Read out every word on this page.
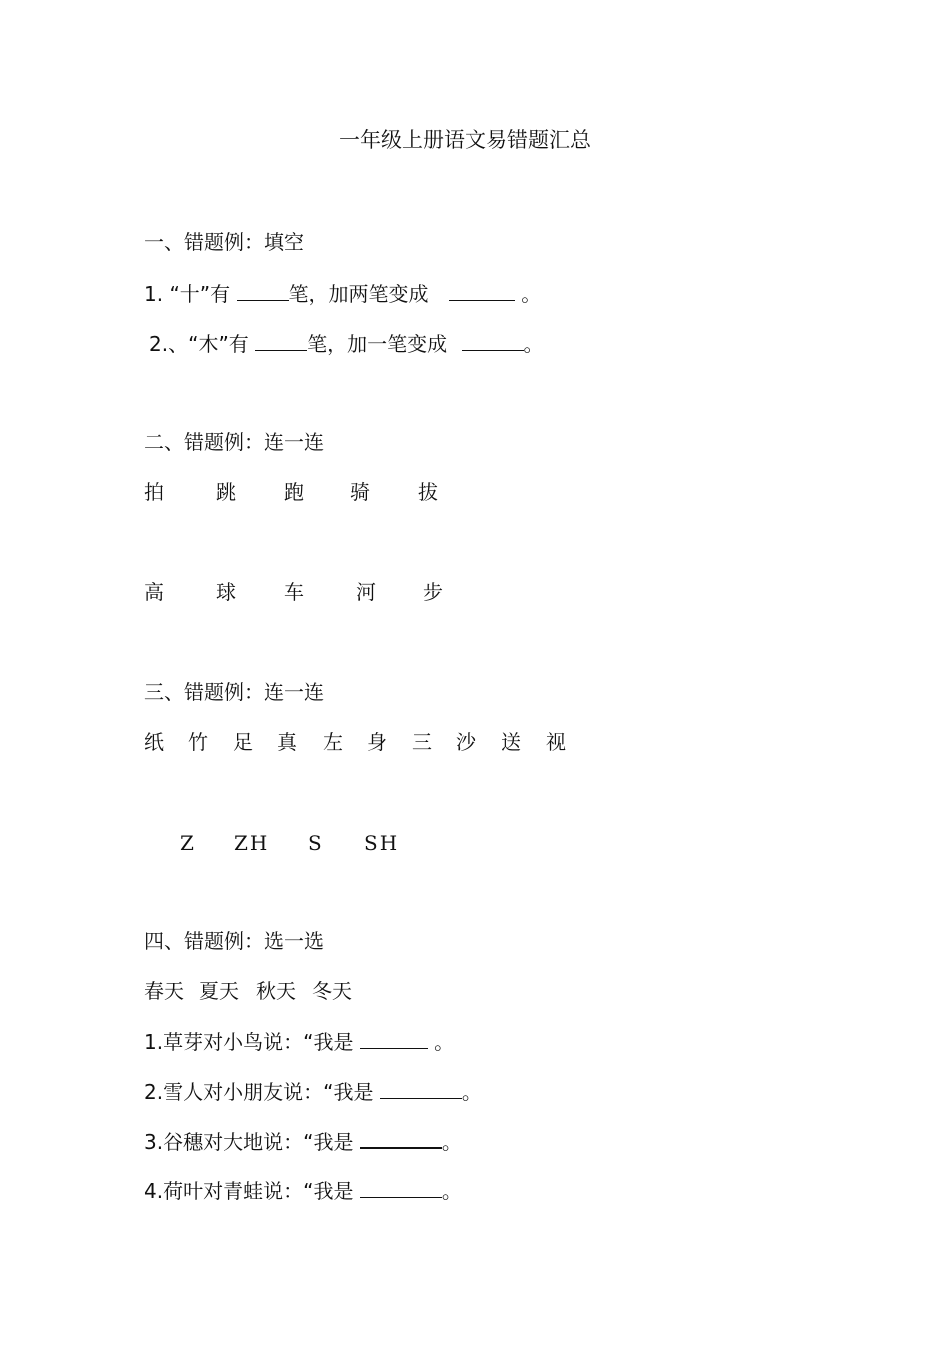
一年级上册语文易错题汇总
一、错题例：填空
1. “十”有	笔，加两笔变成	。
2.、“木”有	笔，加一笔变成	。
二、错题例：连一连
拍	跳 跑 骑 拔
高	球 车	河 步
三、错题例：连一连
纸 竹 足 真 左 身 三 沙 送 视
Z ZH S SH
四、错题例：选一选
春天 夏天 秋天 冬天
1.草芽对小鸟说：“我是	。
2.雪人对小朋友说：“我是	。
3.谷穗对大地说：“我是	。
4.荷叶对青蛙说：“我是	。
